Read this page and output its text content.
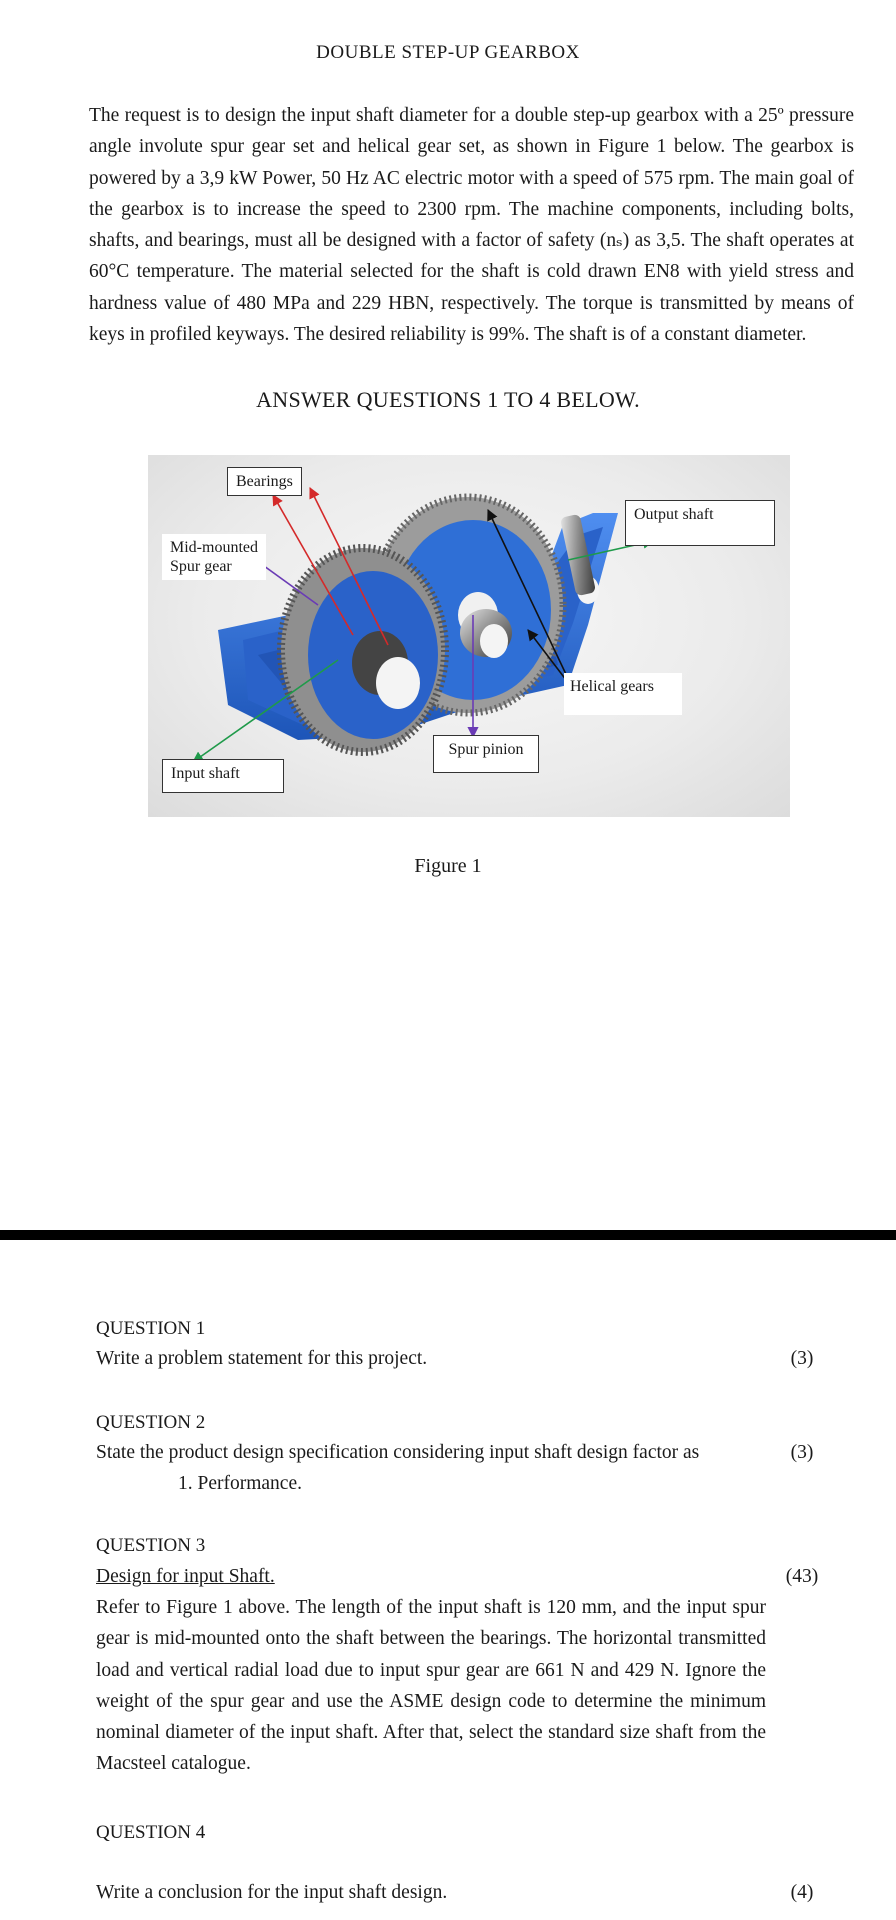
DOUBLE STEP-UP GEARBOX

The request is to design the input shaft diameter for a double step-up gearbox with a 25º pressure angle involute spur gear set and helical gear set, as shown in Figure 1 below. The gearbox is powered by a 3,9 kW Power, 50 Hz AC electric motor with a speed of 575 rpm. The main goal of the gearbox is to increase the speed to 2300 rpm. The machine components, including bolts, shafts, and bearings, must all be designed with a factor of safety (nₛ) as 3,5. The shaft operates at 60°C temperature. The material selected for the shaft is cold drawn EN8 with yield stress and hardness value of 480 MPa and 229 HBN, respectively. The torque is transmitted by means of keys in profiled keyways. The desired reliability is 99%. The shaft is of a constant diameter.

ANSWER QUESTIONS 1 TO 4 BELOW.
Bearings
Output shaft
Mid-mounted
Spur gear
Helical gears
Spur pinion
Input shaft
Figure 1
QUESTION 1
Write a problem statement for this project.	(3)
QUESTION 2
State the product design specification considering input shaft design factor as	(3)
1. Performance.
QUESTION 3
Design for input Shaft.	(43)

Refer to Figure 1 above. The length of the input shaft is 120 mm, and the input spur gear is mid-mounted onto the shaft between the bearings. The horizontal transmitted load and vertical radial load due to input spur gear are 661 N and 429 N. Ignore the weight of the spur gear and use the ASME design code to determine the minimum nominal diameter of the input shaft. After that, select the standard size shaft from the Macsteel catalogue.

QUESTION 4
Write a conclusion for the input shaft design.	(4)
